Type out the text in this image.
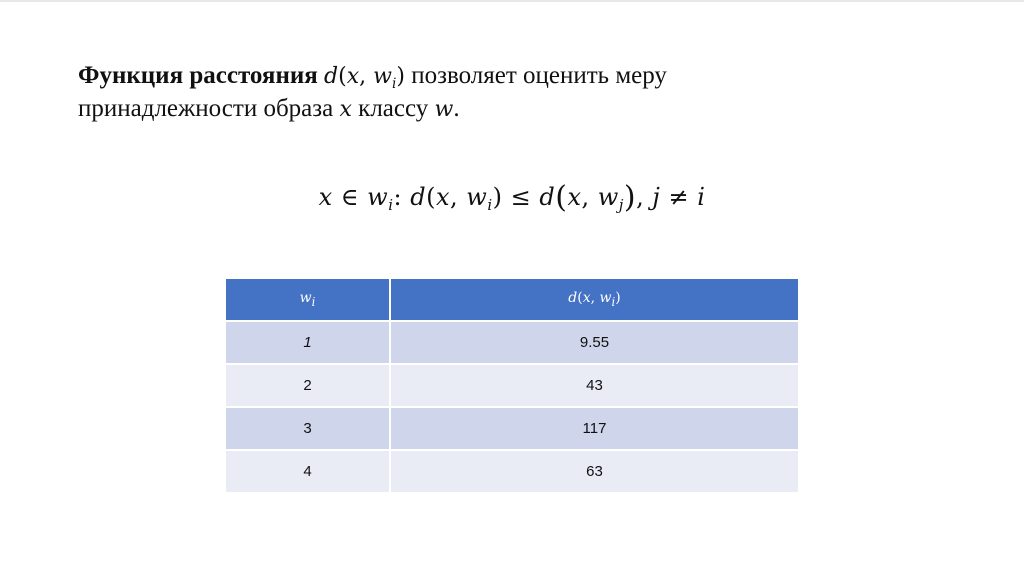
Функция расстояния d(x, $w_i$) позволяет оценить меру
принадлежности образа x классу w.
x ∈ $w_i$: d(x, $w_i) \le d(x$, $w_j$), j ≠ i
$w_i$	d(x, $w_i$)
1	9.55
2	43
3	117
4	63
